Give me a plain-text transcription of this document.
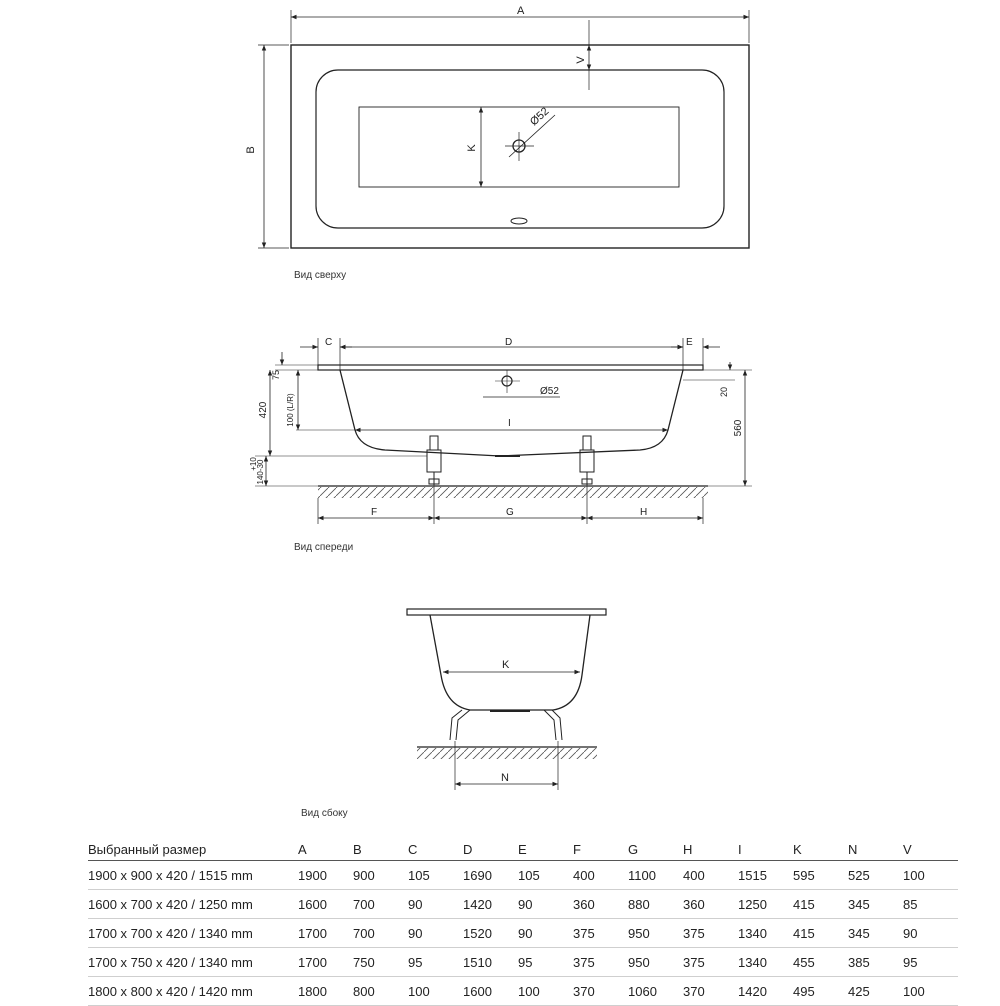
A
B
V
K
Ø52
C	D	E
I
Ø52
F	G	H
75
420 100 (L/R)
+10
140-30
20
560
K
N
Вид сверху
Вид спереди
Вид сбоку
Выбранный размер	A	B	C	D	E	F	G	H	I	K	N	V
1900 x 900 x 420 / 1515 mm	1900	900	105	1690	105	400	1100	400	1515	595	525	100
1600 x 700 x 420 / 1250 mm	1600	700	90	1420	90	360	880	360	1250	415	345	85
1700 x 700 x 420 / 1340 mm	1700	700	90	1520	90	375	950	375	1340	415	345	90
1700 x 750 x 420 / 1340 mm	1700	750	95	1510	95	375	950	375	1340	455	385	95
1800 x 800 x 420 / 1420 mm	1800	800	100	1600	100	370	1060	370	1420	495	425	100
